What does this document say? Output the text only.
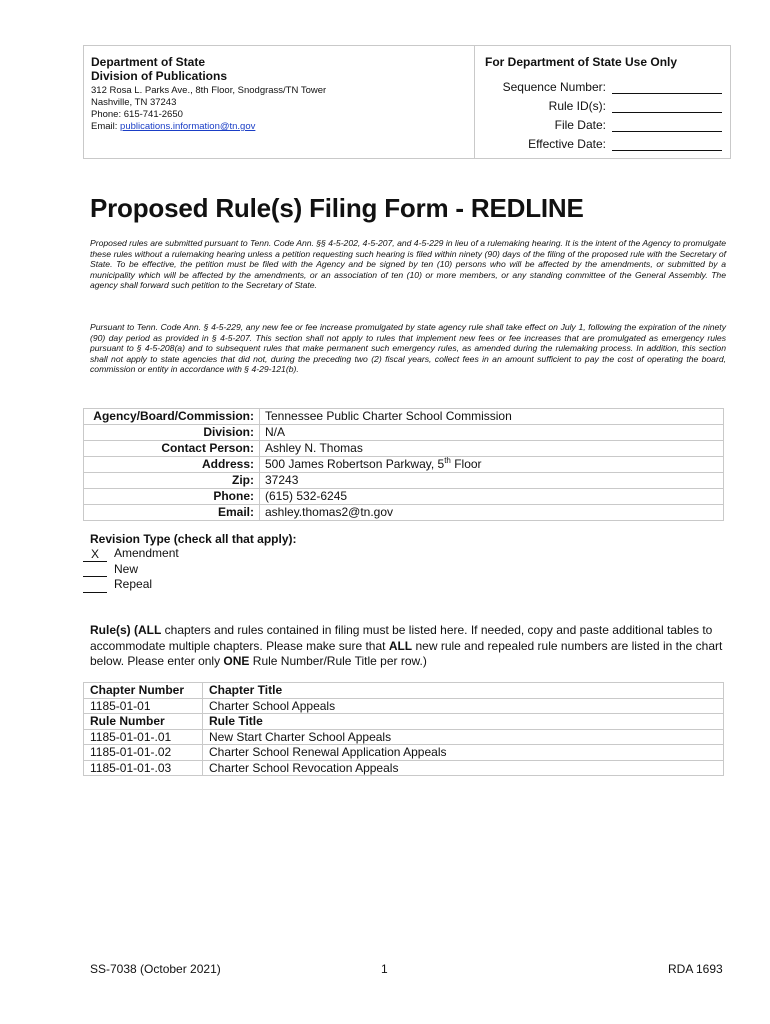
Department of State
Division of Publications
312 Rosa L. Parks Ave., 8th Floor, Snodgrass/TN Tower
Nashville, TN 37243
Phone: 615-741-2650
Email: publications.information@tn.gov
For Department of State Use Only
Sequence Number:
Rule ID(s):
File Date:
Effective Date:
Proposed Rule(s) Filing Form - REDLINE
Proposed rules are submitted pursuant to Tenn. Code Ann. §§ 4-5-202, 4-5-207, and 4-5-229 in lieu of a rulemaking hearing. It is the intent of the Agency to promulgate these rules without a rulemaking hearing unless a petition requesting such hearing is filed within ninety (90) days of the filing of the proposed rule with the Secretary of State. To be effective, the petition must be filed with the Agency and be signed by ten (10) persons who will be affected by the amendments, or submitted by a municipality which will be affected by the amendments, or an association of ten (10) or more members, or any standing committee of the General Assembly. The agency shall forward such petition to the Secretary of State.
Pursuant to Tenn. Code Ann. § 4-5-229, any new fee or fee increase promulgated by state agency rule shall take effect on July 1, following the expiration of the ninety (90) day period as provided in § 4-5-207. This section shall not apply to rules that implement new fees or fee increases that are promulgated as emergency rules pursuant to § 4-5-208(a) and to subsequent rules that make permanent such emergency rules, as amended during the rulemaking process. In addition, this section shall not apply to state agencies that did not, during the preceding two (2) fiscal years, collect fees in an amount sufficient to pay the cost of operating the board, commission or entity in accordance with § 4-29-121(b).
Agency/Board/Commission:	Tennessee Public Charter School Commission
Division:	N/A
Contact Person:	Ashley N. Thomas
Address:	500 James Robertson Parkway, 5th Floor
Zip:	37243
Phone:	(615) 532-6245
Email:	ashley.thomas2@tn.gov
Revision Type (check all that apply):
X	Amendment
New
Repeal
Rule(s) (ALL chapters and rules contained in filing must be listed here. If needed, copy and paste additional tables to accommodate multiple chapters. Please make sure that ALL new rule and repealed rule numbers are listed in the chart below. Please enter only ONE Rule Number/Rule Title per row.)
Chapter Number	Chapter Title
1185-01-01	Charter School Appeals
Rule Number	Rule Title
1185-01-01-.01	New Start Charter School Appeals
1185-01-01-.02	Charter School Renewal Application Appeals
1185-01-01-.03	Charter School Revocation Appeals
SS-7038 (October 2021)	1	RDA 1693
